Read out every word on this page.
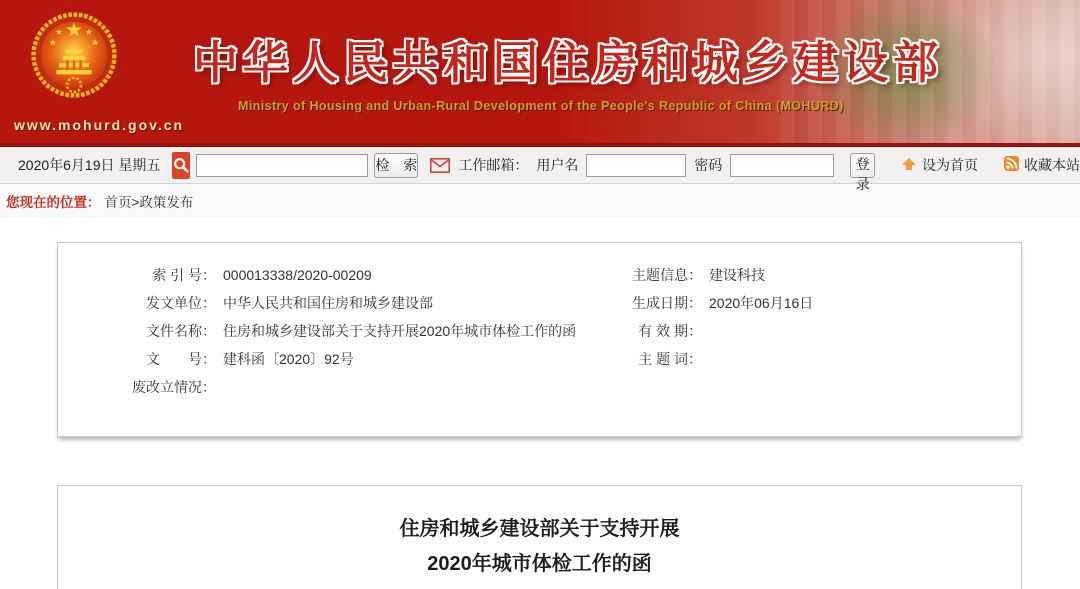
www.mohurd.gov.cn
中华人民共和国住房和城乡建设部
Ministry of Housing and Urban-Rural Development of the People's Republic of China (MOHURD)
2020年6月19日 星期五	检　索	工作邮箱： 用户名	密码	登录
设为首页	收藏本站
您现在的位置： 首页>政策发布
索 引 号： 000013338/2020-00209
发文单位： 中华人民共和国住房和城乡建设部
文件名称： 住房和城乡建设部关于支持开展2020年城市体检工作的函
文　　号： 建科函〔2020〕92号
废改立情况：
主题信息： 建设科技
生成日期： 2020年06月16日
有 效 期：
主 题 词：
住房和城乡建设部关于支持开展
2020年城市体检工作的函
